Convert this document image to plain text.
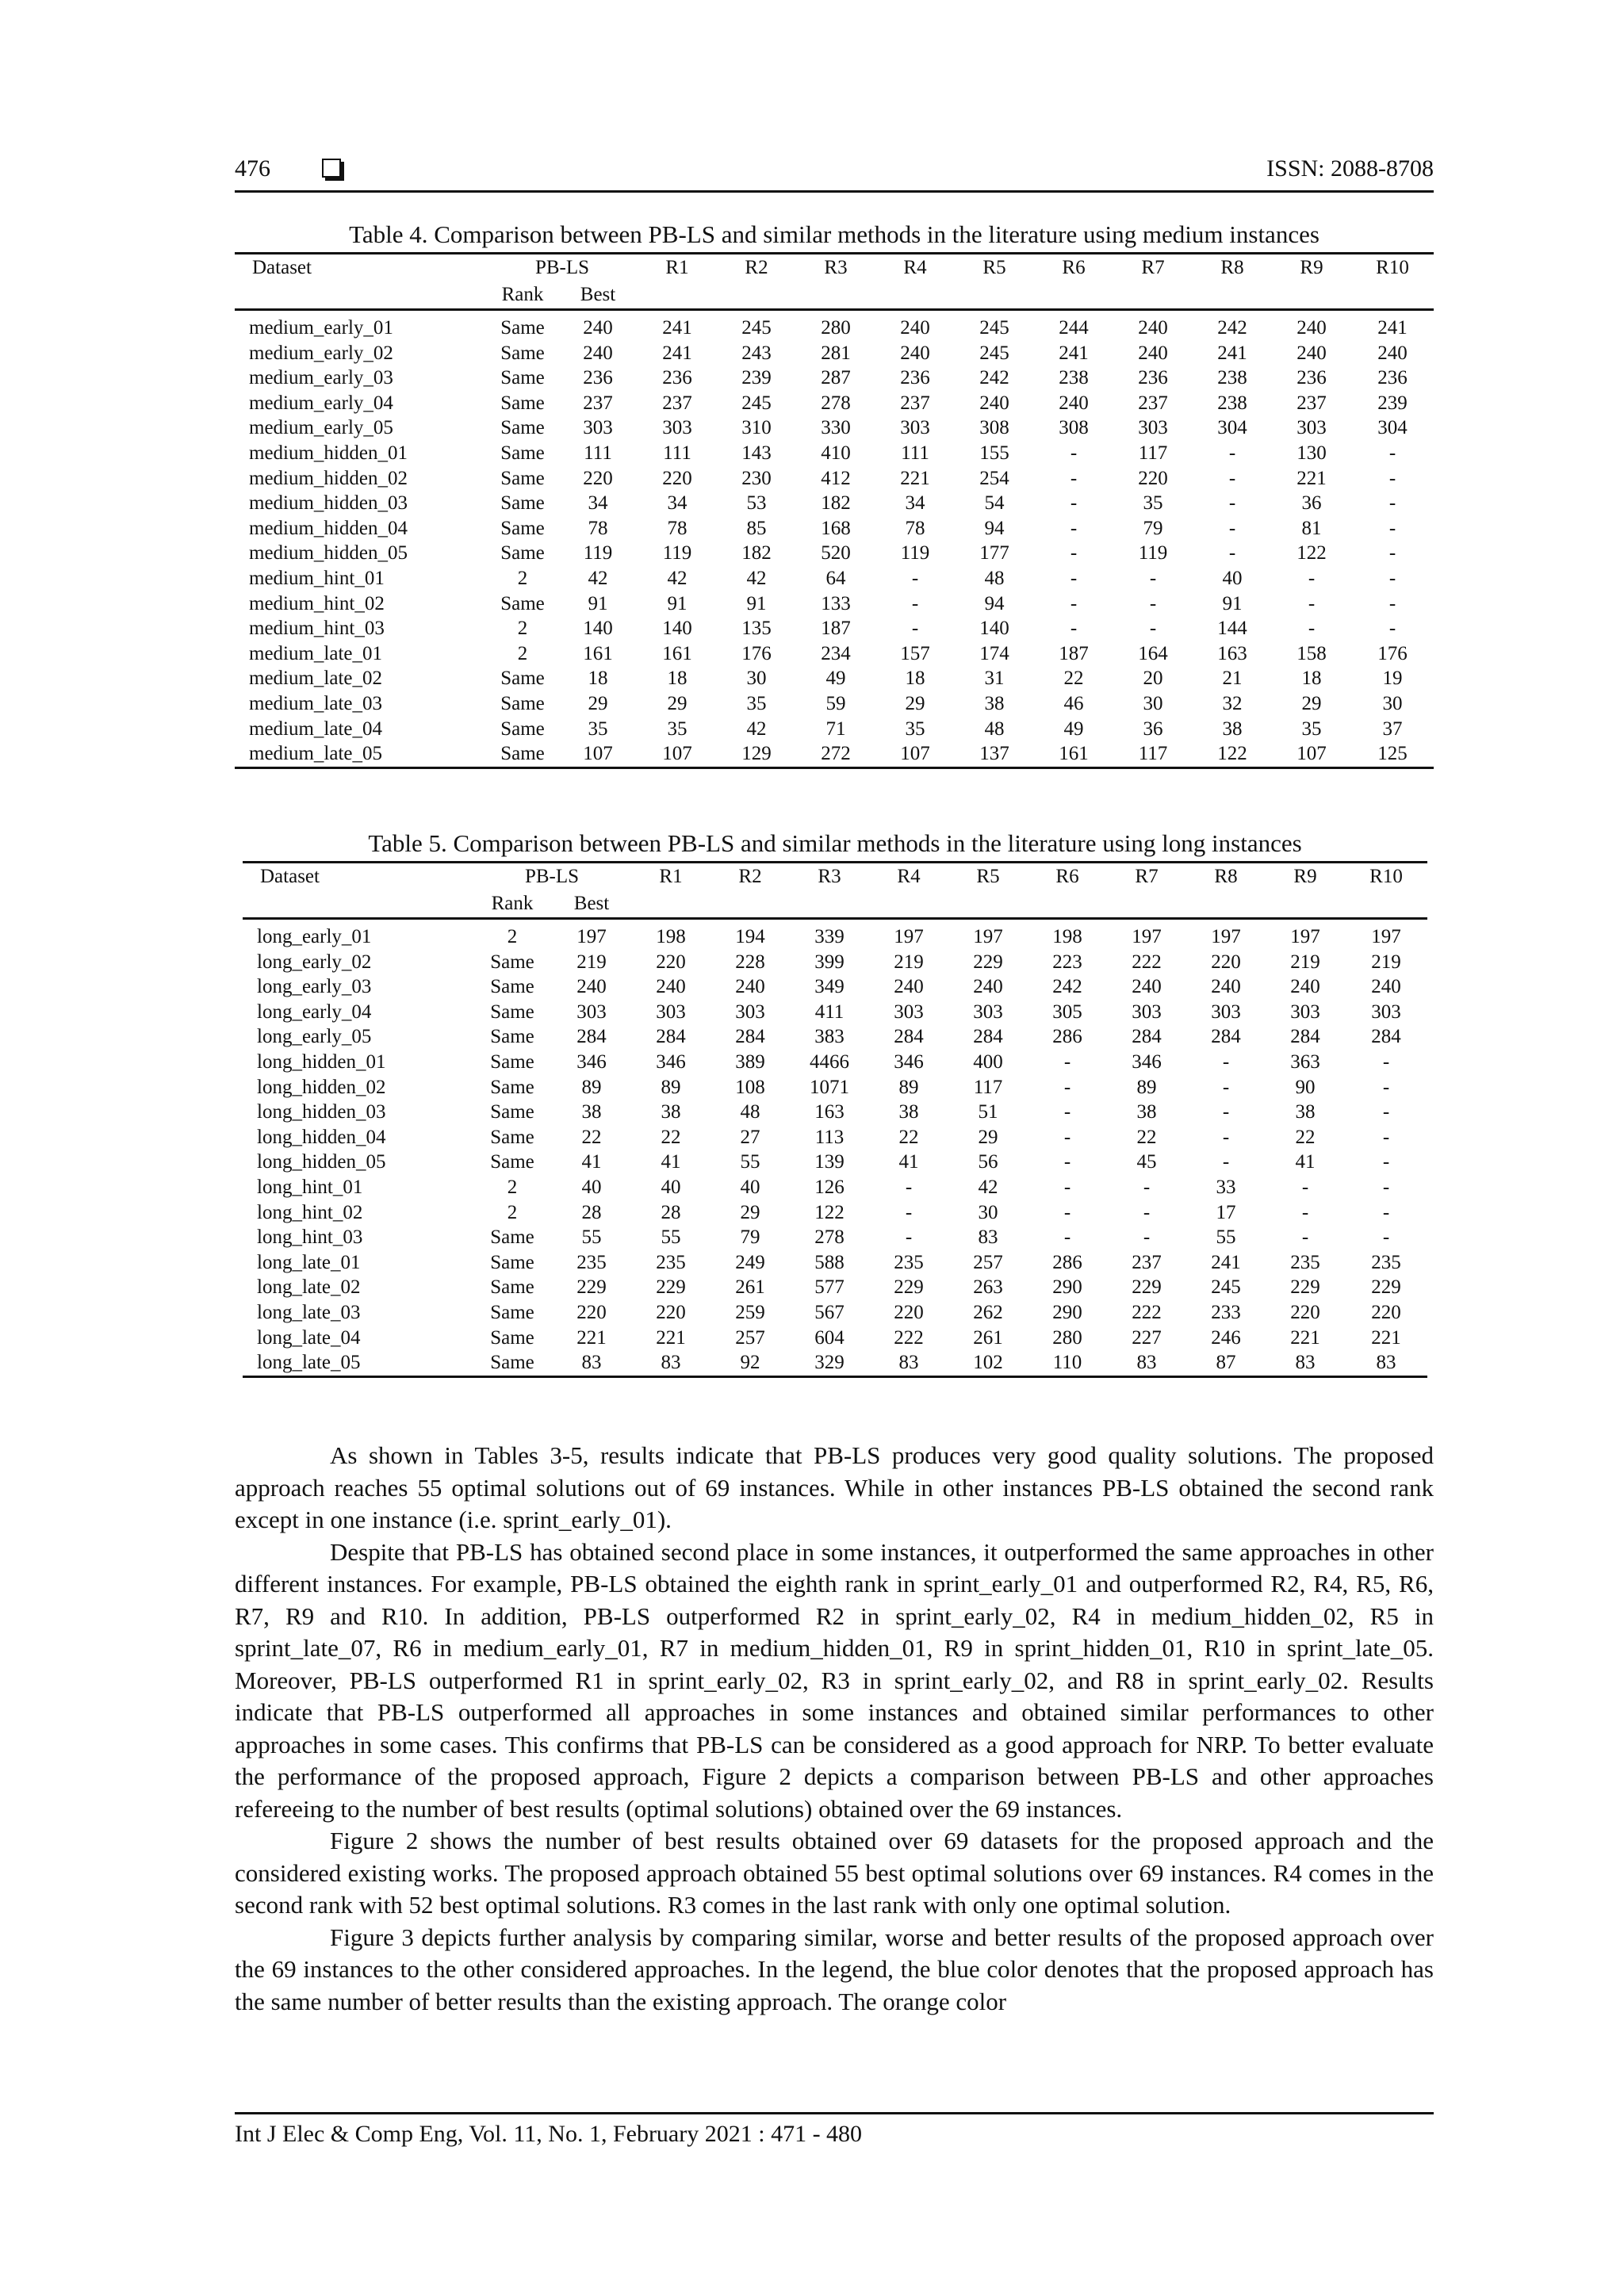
476	ISSN: 2088-8708
Table 4. Comparison between PB-LS and similar methods in the literature using medium instances
Dataset	PB-LS		R1	R2	R3	R4	R5	R6	R7	R8	R9	R10
	Rank	Best										
medium_early_01	Same	240	241	245	280	240	245	244	240	242	240	241
medium_early_02	Same	240	241	243	281	240	245	241	240	241	240	240
medium_early_03	Same	236	236	239	287	236	242	238	236	238	236	236
medium_early_04	Same	237	237	245	278	237	240	240	237	238	237	239
medium_early_05	Same	303	303	310	330	303	308	308	303	304	303	304
medium_hidden_01	Same	111	111	143	410	111	155	-	117	-	130	-
medium_hidden_02	Same	220	220	230	412	221	254	-	220	-	221	-
medium_hidden_03	Same	34	34	53	182	34	54	-	35	-	36	-
medium_hidden_04	Same	78	78	85	168	78	94	-	79	-	81	-
medium_hidden_05	Same	119	119	182	520	119	177	-	119	-	122	-
medium_hint_01	2	42	42	42	64	-	48	-	-	40	-	-
medium_hint_02	Same	91	91	91	133	-	94	-	-	91	-	-
medium_hint_03	2	140	140	135	187	-	140	-	-	144	-	-
medium_late_01	2	161	161	176	234	157	174	187	164	163	158	176
medium_late_02	Same	18	18	30	49	18	31	22	20	21	18	19
medium_late_03	Same	29	29	35	59	29	38	46	30	32	29	30
medium_late_04	Same	35	35	42	71	35	48	49	36	38	35	37
medium_late_05	Same	107	107	129	272	107	137	161	117	122	107	125
Table 5. Comparison between PB-LS and similar methods in the literature using long instances
Dataset	PB-LS		R1	R2	R3	R4	R5	R6	R7	R8	R9	R10
	Rank	Best										
long_early_01	2	197	198	194	339	197	197	198	197	197	197	197
long_early_02	Same	219	220	228	399	219	229	223	222	220	219	219
long_early_03	Same	240	240	240	349	240	240	242	240	240	240	240
long_early_04	Same	303	303	303	411	303	303	305	303	303	303	303
long_early_05	Same	284	284	284	383	284	284	286	284	284	284	284
long_hidden_01	Same	346	346	389	4466	346	400	-	346	-	363	-
long_hidden_02	Same	89	89	108	1071	89	117	-	89	-	90	-
long_hidden_03	Same	38	38	48	163	38	51	-	38	-	38	-
long_hidden_04	Same	22	22	27	113	22	29	-	22	-	22	-
long_hidden_05	Same	41	41	55	139	41	56	-	45	-	41	-
long_hint_01	2	40	40	40	126	-	42	-	-	33	-	-
long_hint_02	2	28	28	29	122	-	30	-	-	17	-	-
long_hint_03	Same	55	55	79	278	-	83	-	-	55	-	-
long_late_01	Same	235	235	249	588	235	257	286	237	241	235	235
long_late_02	Same	229	229	261	577	229	263	290	229	245	229	229
long_late_03	Same	220	220	259	567	220	262	290	222	233	220	220
long_late_04	Same	221	221	257	604	222	261	280	227	246	221	221
long_late_05	Same	83	83	92	329	83	102	110	83	87	83	83

As shown in Tables 3-5, results indicate that PB-LS produces very good quality solutions. The proposed approach reaches 55 optimal solutions out of 69 instances. While in other instances PB-LS obtained the second rank except in one instance (i.e. sprint_early_01).

Despite that PB-LS has obtained second place in some instances, it outperformed the same approaches in other different instances. For example, PB-LS obtained the eighth rank in sprint_early_01 and outperformed R2, R4, R5, R6, R7, R9 and R10. In addition, PB-LS outperformed R2 in sprint_early_02, R4 in medium_hidden_02, R5 in sprint_late_07, R6 in medium_early_01, R7 in medium_hidden_01, R9 in sprint_hidden_01, R10 in sprint_late_05. Moreover, PB-LS outperformed R1 in sprint_early_02, R3 in sprint_early_02, and R8 in sprint_early_02. Results indicate that PB-LS outperformed all approaches in some instances and obtained similar performances to other approaches in some cases. This confirms that PB-LS can be considered as a good approach for NRP. To better evaluate the performance of the proposed approach, Figure 2 depicts a comparison between PB-LS and other approaches refereeing to the number of best results (optimal solutions) obtained over the 69 instances.

Figure 2 shows the number of best results obtained over 69 datasets for the proposed approach and the considered existing works. The proposed approach obtained 55 best optimal solutions over 69 instances. R4 comes in the second rank with 52 best optimal solutions. R3 comes in the last rank with only one optimal solution.

Figure 3 depicts further analysis by comparing similar, worse and better results of the proposed approach over the 69 instances to the other considered approaches. In the legend, the blue color denotes that the proposed approach has the same number of better results than the existing approach. The orange color

Int J Elec & Comp Eng, Vol. 11, No. 1, February 2021 : 471 - 480
